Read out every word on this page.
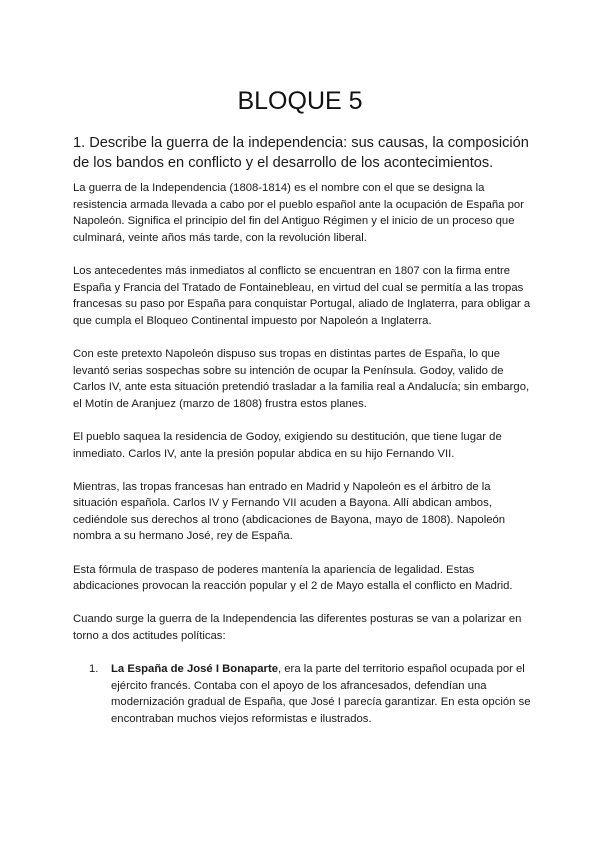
BLOQUE 5
1. Describe la guerra de la independencia: sus causas, la composición de los bandos en conflicto y el desarrollo de los acontecimientos.

La guerra de la Independencia (1808-1814) es el nombre con el que se designa la resistencia armada llevada a cabo por el pueblo español ante la ocupación de España por Napoleón. Significa el principio del fin del Antiguo Régimen y el inicio de un proceso que culminará, veinte años más tarde, con la revolución liberal.

Los antecedentes más inmediatos al conflicto se encuentran en 1807 con la firma entre España y Francia del Tratado de Fontainebleau, en virtud del cual se permitía a las tropas francesas su paso por España para conquistar Portugal, aliado de Inglaterra, para obligar a que cumpla el Bloqueo Continental impuesto por Napoleón a Inglaterra.

Con este pretexto Napoleón dispuso sus tropas en distintas partes de España, lo que levantó serias sospechas sobre su intención de ocupar la Península. Godoy, valido de Carlos IV, ante esta situación pretendió trasladar a la familia real a Andalucía; sin embargo, el Motín de Aranjuez (marzo de 1808) frustra estos planes.

El pueblo saquea la residencia de Godoy, exigiendo su destitución, que tiene lugar de inmediato. Carlos IV, ante la presión popular abdica en su hijo Fernando VII.

Mientras, las tropas francesas han entrado en Madrid y Napoleón es el árbitro de la situación española. Carlos IV y Fernando VII acuden a Bayona. Allí abdican ambos, cediéndole sus derechos al trono (abdicaciones de Bayona, mayo de 1808). Napoleón nombra a su hermano José, rey de España.

Esta fórmula de traspaso de poderes mantenía la apariencia de legalidad. Estas abdicaciones provocan la reacción popular y el 2 de Mayo estalla el conflicto en Madrid.

Cuando surge la guerra de la Independencia las diferentes posturas se van a polarizar en torno a dos actitudes políticas:

1. La España de José I Bonaparte, era la parte del territorio español ocupada por el ejército francés. Contaba con el apoyo de los afrancesados, defendían una modernización gradual de España, que José I parecía garantizar. En esta opción se encontraban muchos viejos reformistas e ilustrados.
